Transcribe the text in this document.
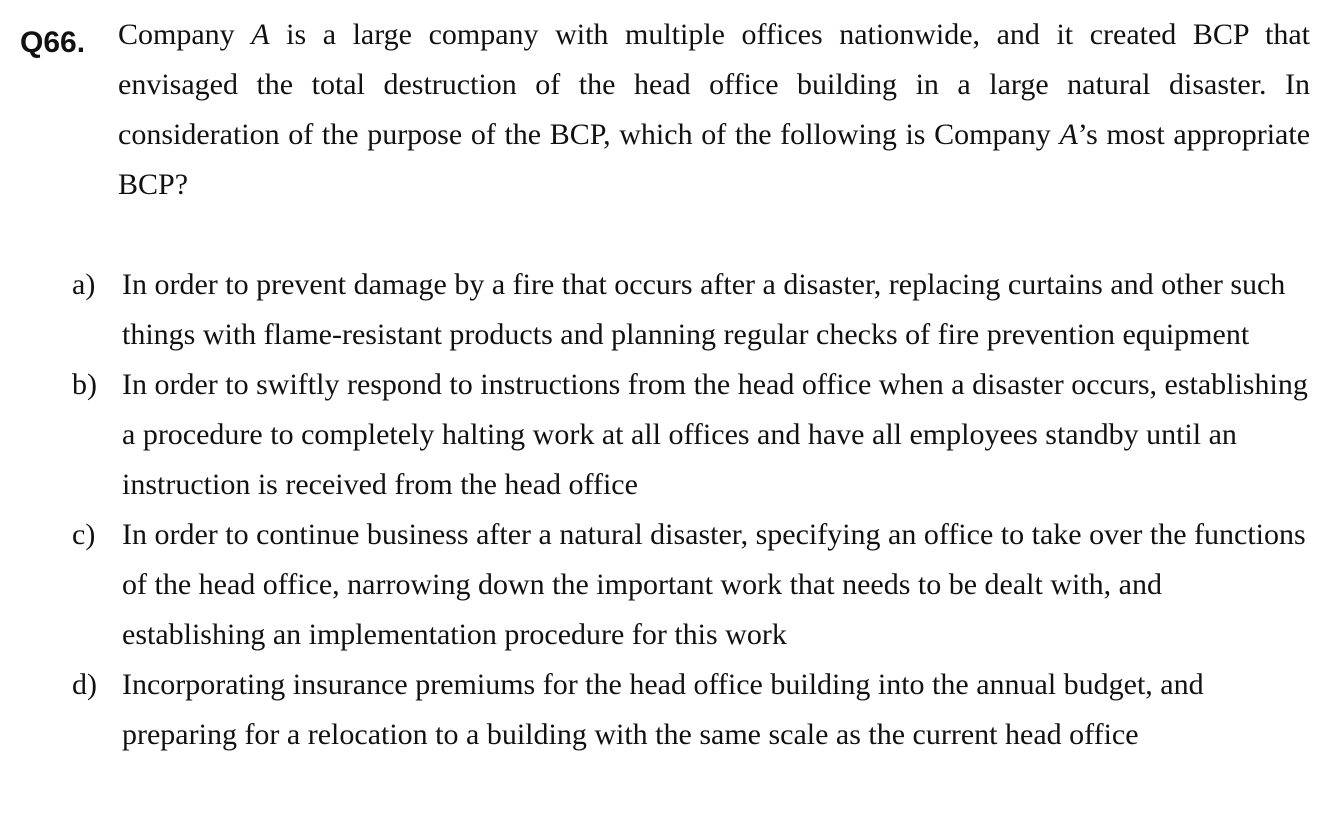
Q66. Company A is a large company with multiple offices nationwide, and it created BCP that envisaged the total destruction of the head office building in a large natural disaster. In consideration of the purpose of the BCP, which of the following is Company A’s most appropriate BCP?
a) In order to prevent damage by a fire that occurs after a disaster, replacing curtains and other such things with flame-resistant products and planning regular checks of fire prevention equipment
b) In order to swiftly respond to instructions from the head office when a disaster occurs, establishing a procedure to completely halting work at all offices and have all employees standby until an instruction is received from the head office
c) In order to continue business after a natural disaster, specifying an office to take over the functions of the head office, narrowing down the important work that needs to be dealt with, and establishing an implementation procedure for this work
d) Incorporating insurance premiums for the head office building into the annual budget, and preparing for a relocation to a building with the same scale as the current head office
